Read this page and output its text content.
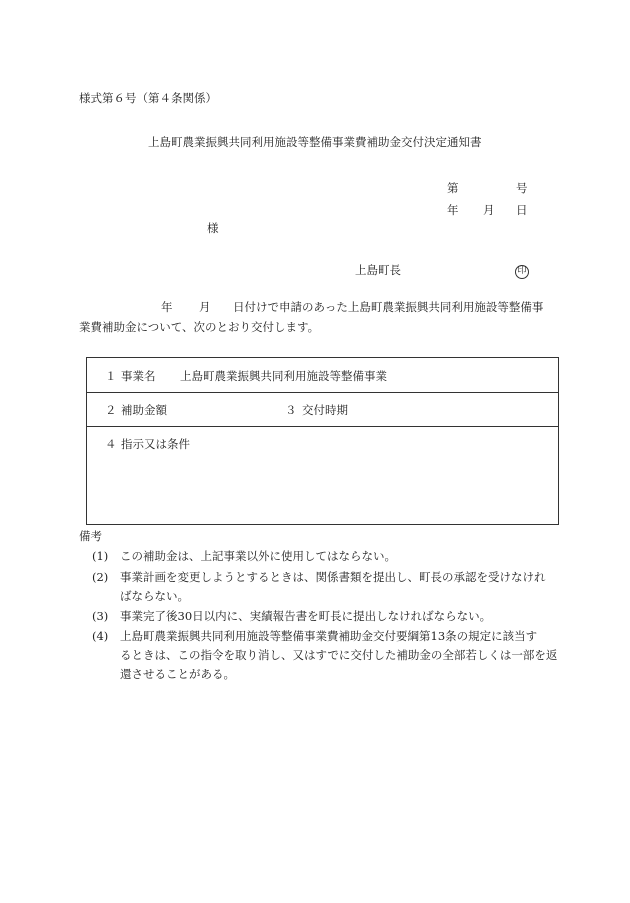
様式第６号（第４条関係）
上島町農業振興共同利用施設等整備事業費補助金交付決定通知書
第	号
年 月 日
様
上島町長	印
年 月 日付けで申請のあった上島町農業振興共同利用施設等整備事
業費補助金について、次のとおり交付します。
１ 事業名 上島町農業振興共同利用施設等整備事業
２ 補助金額	３ 交付時期
４ 指示又は条件
備考
(1) この補助金は、上記事業以外に使用してはならない。
(2) 事業計画を変更しようとするときは、関係書類を提出し、町長の承認を受けなけれ
ばならない。
(3) 事業完了後30日以内に、実績報告書を町長に提出しなければならない。
(4) 上島町農業振興共同利用施設等整備事業費補助金交付要綱第13条の規定に該当す
るときは、この指令を取り消し、又はすでに交付した補助金の全部若しくは一部を返
還させることがある。
